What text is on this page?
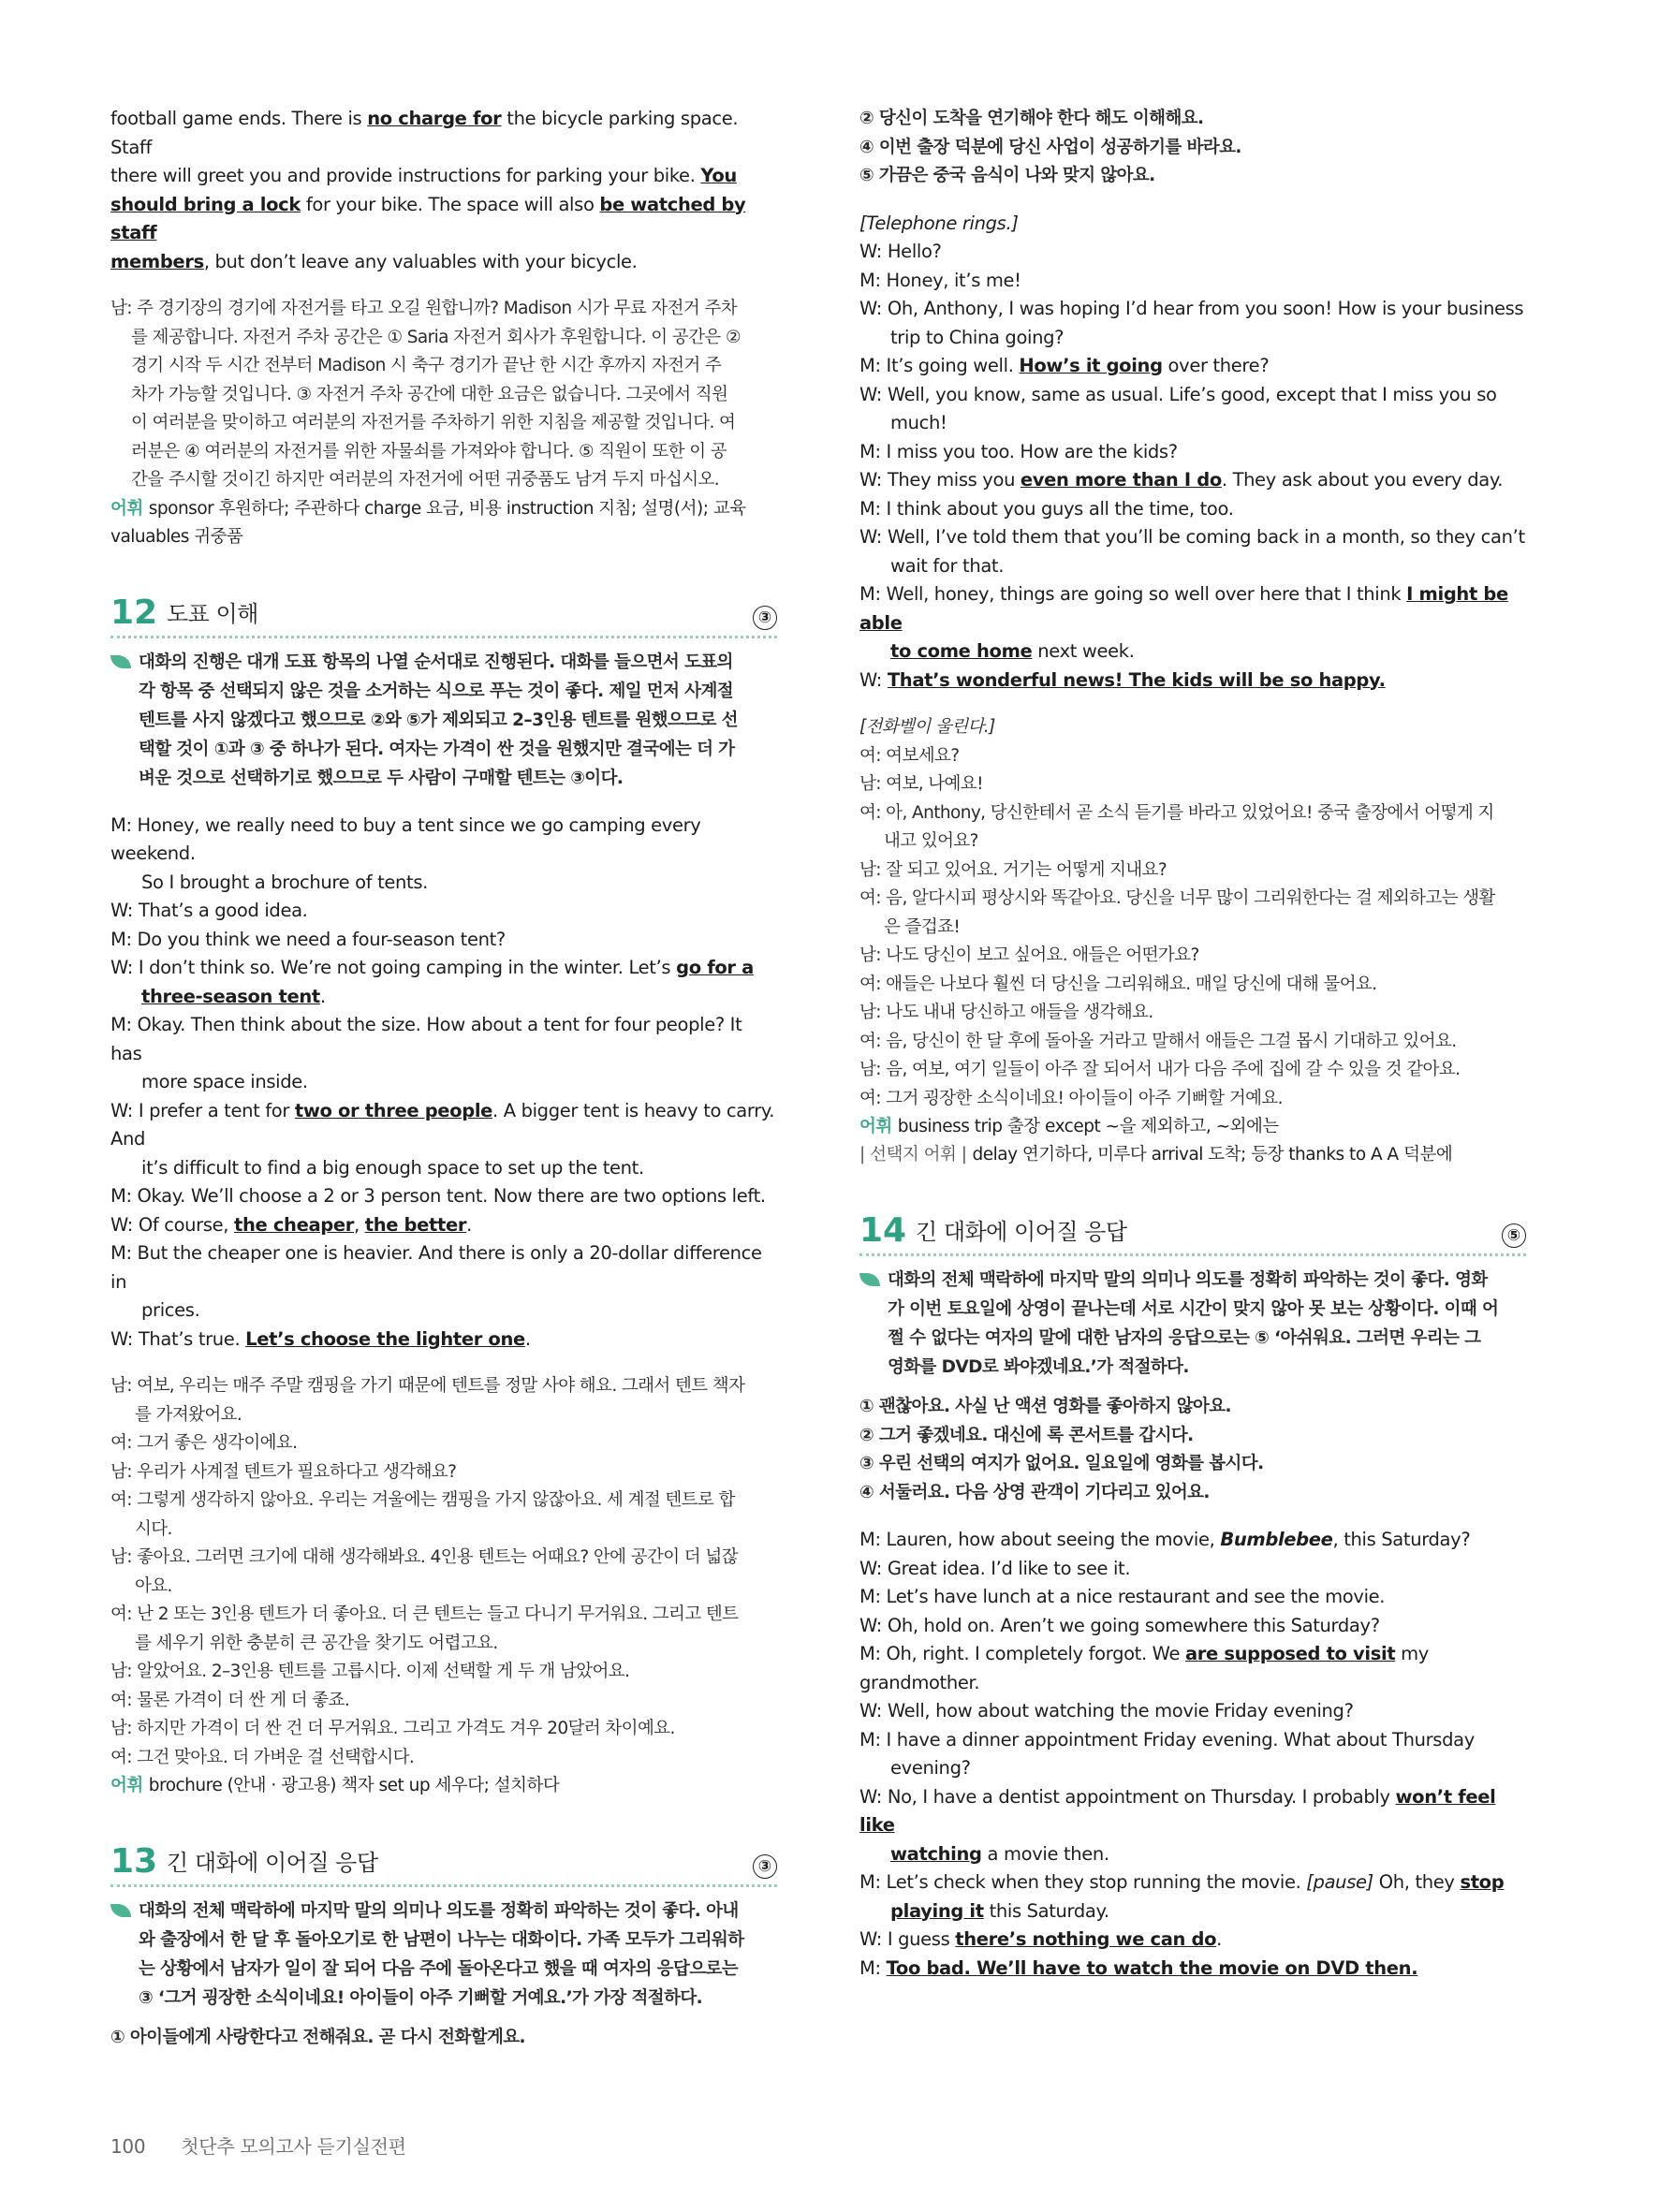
football game ends. There is no charge for the bicycle parking space. Staff

there will greet you and provide instructions for parking your bike. You

should bring a lock for your bike. The space will also be watched by staff

members, but don’t leave any valuables with your bicycle.

남: 주 경기장의 경기에 자전거를 타고 오길 원합니까? Madison 시가 무료 자전거 주차

를 제공합니다. 자전거 주차 공간은 ① Saria 자전거 회사가 후원합니다. 이 공간은 ②

경기 시작 두 시간 전부터 Madison 시 축구 경기가 끝난 한 시간 후까지 자전거 주

차가 가능할 것입니다. ③ 자전거 주차 공간에 대한 요금은 없습니다. 그곳에서 직원

이 여러분을 맞이하고 여러분의 자전거를 주차하기 위한 지침을 제공할 것입니다. 여

러분은 ④ 여러분의 자전거를 위한 자물쇠를 가져와야 합니다. ⑤ 직원이 또한 이 공

간을 주시할 것이긴 하지만 여러분의 자전거에 어떤 귀중품도 남겨 두지 마십시오.

어휘 sponsor 후원하다; 주관하다 charge 요금, 비용 instruction 지침; 설명(서); 교육
valuables 귀중품
12 도표 이해	③

대화의 진행은 대개 도표 항목의 나열 순서대로 진행된다. 대화를 들으면서 도표의

각 항목 중 선택되지 않은 것을 소거하는 식으로 푸는 것이 좋다. 제일 먼저 사계절

텐트를 사지 않겠다고 했으므로 ②와 ⑤가 제외되고 2–3인용 텐트를 원했으므로 선

택할 것이 ①과 ③ 중 하나가 된다. 여자는 가격이 싼 것을 원했지만 결국에는 더 가

벼운 것으로 선택하기로 했으므로 두 사람이 구매할 텐트는 ③이다.

M: Honey, we really need to buy a tent since we go camping every weekend.

So I brought a brochure of tents.

W: That’s a good idea.

M: Do you think we need a four-season tent?

W: I don’t think so. We’re not going camping in the winter. Let’s go for a

three-season tent.

M: Okay. Then think about the size. How about a tent for four people? It has

more space inside.

W: I prefer a tent for two or three people. A bigger tent is heavy to carry. And

it’s difficult to find a big enough space to set up the tent.

M: Okay. We’ll choose a 2 or 3 person tent. Now there are two options left.

W: Of course, the cheaper, the better.

M: But the cheaper one is heavier. And there is only a 20-dollar difference in

prices.

W: That’s true. Let’s choose the lighter one.

남: 여보, 우리는 매주 주말 캠핑을 가기 때문에 텐트를 정말 사야 해요. 그래서 텐트 책자

를 가져왔어요.

여: 그거 좋은 생각이에요.

남: 우리가 사계절 텐트가 필요하다고 생각해요?

여: 그렇게 생각하지 않아요. 우리는 겨울에는 캠핑을 가지 않잖아요. 세 계절 텐트로 합

시다.

남: 좋아요. 그러면 크기에 대해 생각해봐요. 4인용 텐트는 어때요? 안에 공간이 더 넓잖

아요.

여: 난 2 또는 3인용 텐트가 더 좋아요. 더 큰 텐트는 들고 다니기 무거워요. 그리고 텐트

를 세우기 위한 충분히 큰 공간을 찾기도 어렵고요.

남: 알았어요. 2–3인용 텐트를 고릅시다. 이제 선택할 게 두 개 남았어요.

여: 물론 가격이 더 싼 게 더 좋죠.

남: 하지만 가격이 더 싼 건 더 무거워요. 그리고 가격도 겨우 20달러 차이예요.

여: 그건 맞아요. 더 가벼운 걸 선택합시다.

어휘 brochure (안내 · 광고용) 책자 set up 세우다; 설치하다
13 긴 대화에 이어질 응답	③

대화의 전체 맥락하에 마지막 말의 의미나 의도를 정확히 파악하는 것이 좋다. 아내

와 출장에서 한 달 후 돌아오기로 한 남편이 나누는 대화이다. 가족 모두가 그리워하

는 상황에서 남자가 일이 잘 되어 다음 주에 돌아온다고 했을 때 여자의 응답으로는

③ ‘그거 굉장한 소식이네요! 아이들이 아주 기뻐할 거예요.’가 가장 적절하다.

① 아이들에게 사랑한다고 전해줘요. 곧 다시 전화할게요.

② 당신이 도착을 연기해야 한다 해도 이해해요.

④ 이번 출장 덕분에 당신 사업이 성공하기를 바라요.

⑤ 가끔은 중국 음식이 나와 맞지 않아요.

[Telephone rings.]

W: Hello?

M: Honey, it’s me!

W: Oh, Anthony, I was hoping I’d hear from you soon! How is your business

trip to China going?

M: It’s going well. How’s it going over there?

W: Well, you know, same as usual. Life’s good, except that I miss you so

much!

M: I miss you too. How are the kids?

W: They miss you even more than I do. They ask about you every day.

M: I think about you guys all the time, too.

W: Well, I’ve told them that you’ll be coming back in a month, so they can’t

wait for that.

M: Well, honey, things are going so well over here that I think I might be able

to come home next week.

W: That’s wonderful news! The kids will be so happy.

[전화벨이 울린다.]

여: 여보세요?

남: 여보, 나예요!

여: 아, Anthony, 당신한테서 곧 소식 듣기를 바라고 있었어요! 중국 출장에서 어떻게 지

내고 있어요?

남: 잘 되고 있어요. 거기는 어떻게 지내요?

여: 음, 알다시피 평상시와 똑같아요. 당신을 너무 많이 그리워한다는 걸 제외하고는 생활

은 즐겁죠!

남: 나도 당신이 보고 싶어요. 애들은 어떤가요?

여: 애들은 나보다 훨씬 더 당신을 그리워해요. 매일 당신에 대해 물어요.

남: 나도 내내 당신하고 애들을 생각해요.

여: 음, 당신이 한 달 후에 돌아올 거라고 말해서 애들은 그걸 몹시 기대하고 있어요.

남: 음, 여보, 여기 일들이 아주 잘 되어서 내가 다음 주에 집에 갈 수 있을 것 같아요.

여: 그거 굉장한 소식이네요! 아이들이 아주 기뻐할 거예요.

어휘 business trip 출장 except ~을 제외하고, ~외에는
| 선택지 어휘 | delay 연기하다, 미루다 arrival 도착; 등장 thanks to A A 덕분에
14 긴 대화에 이어질 응답	⑤

대화의 전체 맥락하에 마지막 말의 의미나 의도를 정확히 파악하는 것이 좋다. 영화

가 이번 토요일에 상영이 끝나는데 서로 시간이 맞지 않아 못 보는 상황이다. 이때 어

쩔 수 없다는 여자의 말에 대한 남자의 응답으로는 ⑤ ‘아쉬워요. 그러면 우리는 그

영화를 DVD로 봐야겠네요.’가 적절하다.

① 괜찮아요. 사실 난 액션 영화를 좋아하지 않아요.

② 그거 좋겠네요. 대신에 록 콘서트를 갑시다.

③ 우린 선택의 여지가 없어요. 일요일에 영화를 봅시다.

④ 서둘러요. 다음 상영 관객이 기다리고 있어요.

M: Lauren, how about seeing the movie, Bumblebee, this Saturday?

W: Great idea. I’d like to see it.

M: Let’s have lunch at a nice restaurant and see the movie.

W: Oh, hold on. Aren’t we going somewhere this Saturday?

M: Oh, right. I completely forgot. We are supposed to visit my grandmother.

W: Well, how about watching the movie Friday evening?

M: I have a dinner appointment Friday evening. What about Thursday

evening?

W: No, I have a dentist appointment on Thursday. I probably won’t feel like

watching a movie then.

M: Let’s check when they stop running the movie. [pause] Oh, they stop

playing it this Saturday.

W: I guess there’s nothing we can do.

M: Too bad. We’ll have to watch the movie on DVD then.

100 첫단추 모의고사 듣기실전편
